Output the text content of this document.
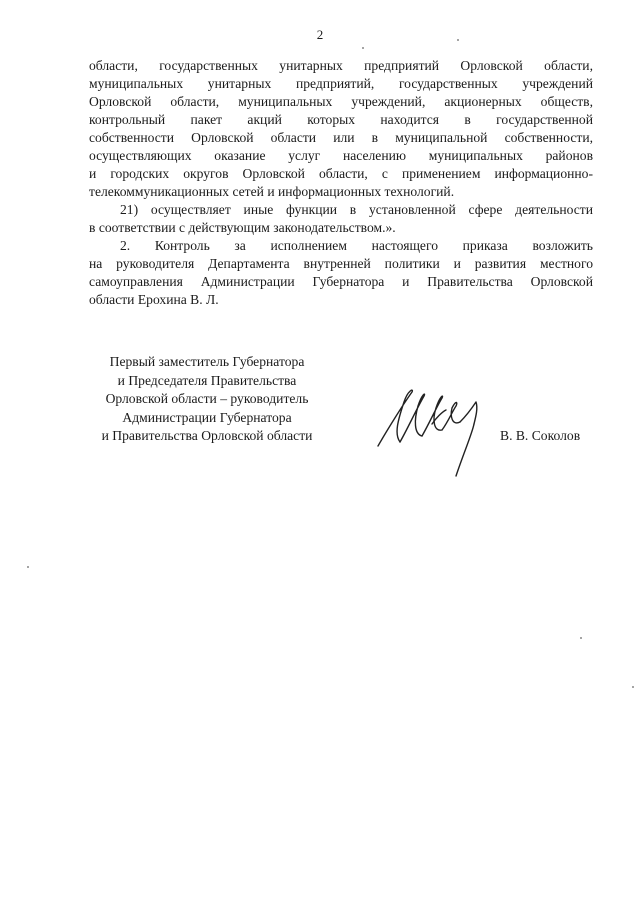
2

области, государственных унитарных предприятий Орловской области,
муниципальных унитарных предприятий, государственных учреждений
Орловской области, муниципальных учреждений, акционерных обществ,
контрольный пакет акций которых находится в государственной
собственности Орловской области или в муниципальной собственности,
осуществляющих оказание услуг населению муниципальных районов
и городских округов Орловской области, с применением информационно-
телекоммуникационных сетей и информационных технологий.

21) осуществляет иные функции в установленной сфере деятельности
в соответствии с действующим законодательством.».

2. Контроль за исполнением настоящего приказа возложить
на руководителя Департамента внутренней политики и развития местного
самоуправления Администрации Губернатора и Правительства Орловской
области Ерохина В. Л.

Первый заместитель Губернатора
и Председателя Правительства
Орловской области – руководитель
Администрации Губернатора
и Правительства Орловской области	В. В. Соколов
